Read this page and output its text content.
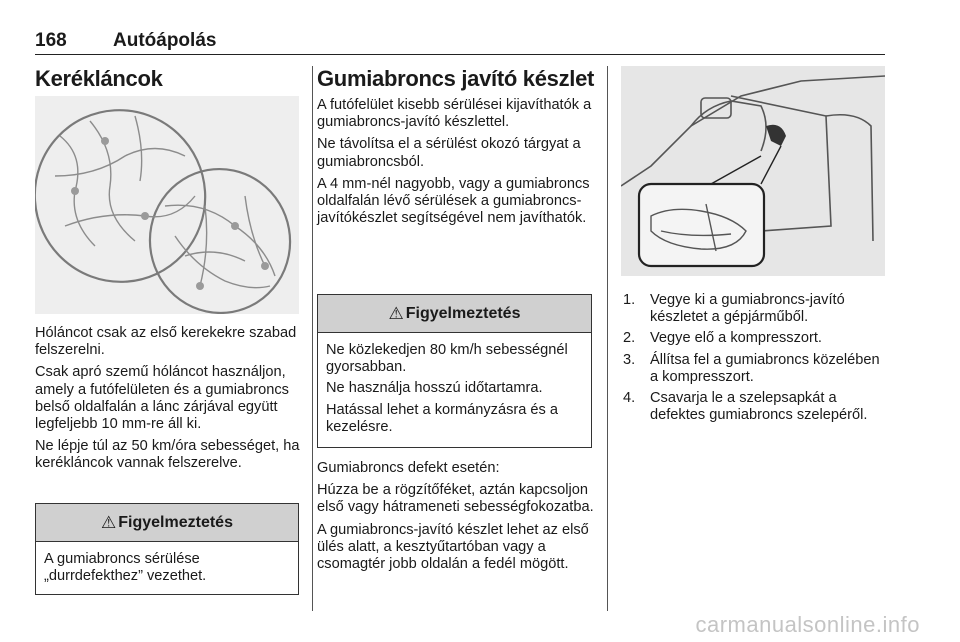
168 Autóápolás
Kerékláncok

Hóláncot csak az első kerekekre szabad felszerelni.

Csak apró szemű hóláncot használjon, amely a futófelületen és a gumiabroncs belső oldalfalán a lánc zárjával együtt legfeljebb 10 mm-re áll ki.

Ne lépje túl az 50 km/óra sebességet, ha kerékláncok vannak felszerelve.

⚠ Figyelmeztetés

A gumiabroncs sérülése „durrdefekthez” vezethet.

Gumiabroncs javító készlet

A futófelület kisebb sérülései kijavíthatók a gumiabroncs-javító készlettel.

Ne távolítsa el a sérülést okozó tárgyat a gumiabroncsból.

A 4 mm-nél nagyobb, vagy a gumiabroncs oldalfalán lévő sérülések a gumiabroncs-javítókészlet segítségével nem javíthatók.

⚠ Figyelmeztetés

Ne közlekedjen 80 km/h sebességnél gyorsabban.

Ne használja hosszú időtartamra.

Hatással lehet a kormányzásra és a kezelésre.

Gumiabroncs defekt esetén:

Húzza be a rögzítőféket, aztán kapcsoljon első vagy hátrameneti sebességfokozatba.

A gumiabroncs-javító készlet lehet az első ülés alatt, a kesztyűtartóban vagy a csomagtér jobb oldalán a fedél mögött.

1. Vegye ki a gumiabroncs-javító készletet a gépjárműből.
2. Vegye elő a kompresszort.
3. Állítsa fel a gumiabroncs közelében a kompresszort.
4. Csavarja le a szelepsapkát a defektes gumiabroncs szelepéről.
carmanualsonline.info
